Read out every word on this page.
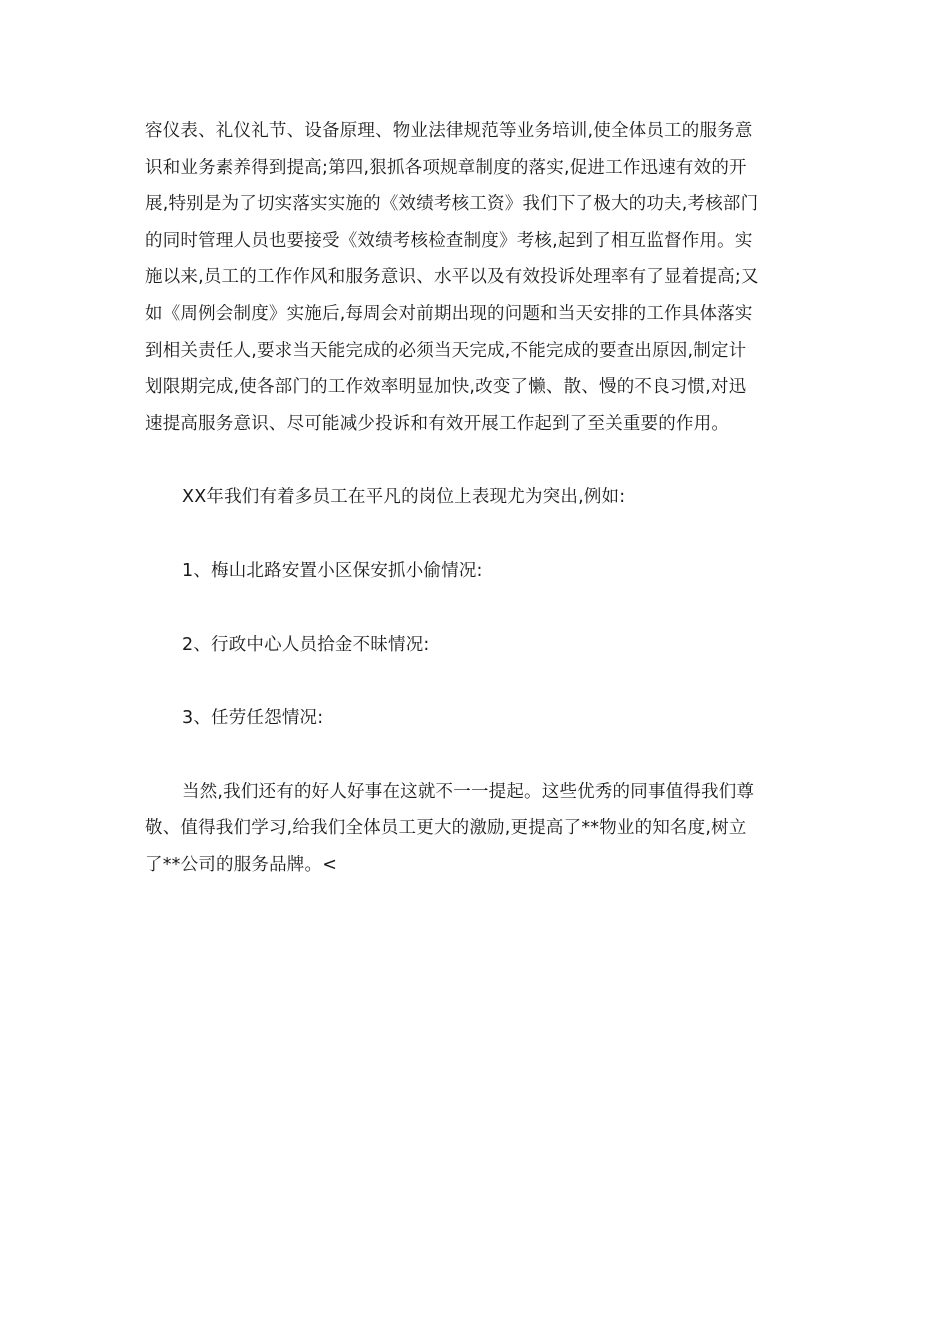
容仪表、礼仪礼节、设备原理、物业法律规范等业务培训,使全体员工的服务意
识和业务素养得到提高;第四,狠抓各项规章制度的落实,促进工作迅速有效的开
展,特别是为了切实落实实施的《效绩考核工资》我们下了极大的功夫,考核部门
的同时管理人员也要接受《效绩考核检查制度》考核,起到了相互监督作用。实
施以来,员工的工作作风和服务意识、水平以及有效投诉处理率有了显着提高;又
如《周例会制度》实施后,每周会对前期出现的问题和当天安排的工作具体落实
到相关责任人,要求当天能完成的必须当天完成,不能完成的要查出原因,制定计
划限期完成,使各部门的工作效率明显加快,改变了懒、散、慢的不良习惯,对迅
速提高服务意识、尽可能减少投诉和有效开展工作起到了至关重要的作用。

XX年我们有着多员工在平凡的岗位上表现尤为突出,例如:

1、梅山北路安置小区保安抓小偷情况:

2、行政中心人员拾金不昧情况:

3、任劳任怨情况:

当然,我们还有的好人好事在这就不一一提起。这些优秀的同事值得我们尊
敬、值得我们学习,给我们全体员工更大的激励,更提高了**物业的知名度,树立
了**公司的服务品牌。<
